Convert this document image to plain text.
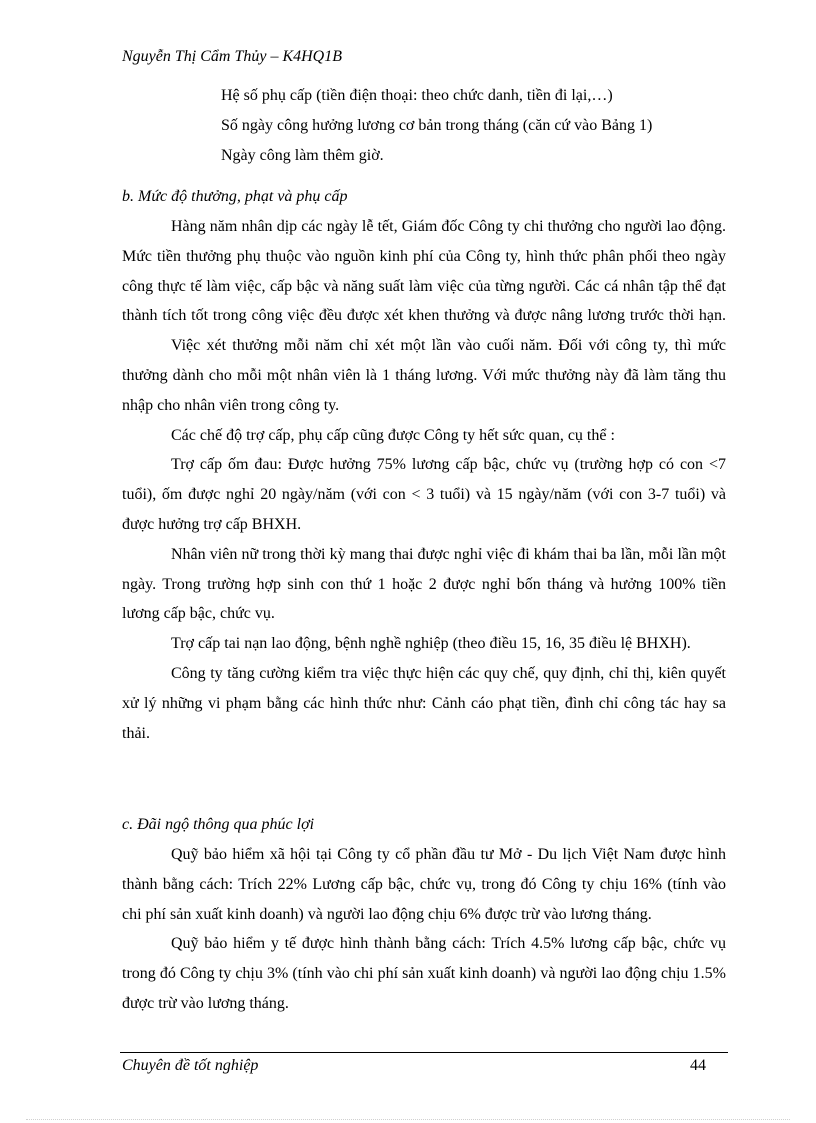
Nguyễn Thị Cẩm Thủy – K4HQ1B
Hệ số phụ cấp (tiền điện thoại: theo chức danh, tiền đi lại,…)
Số ngày công hưởng lương cơ bản trong tháng (căn cứ vào Bảng 1)
Ngày công làm thêm giờ.
b. Mức độ thưởng, phạt và phụ cấp

Hàng năm nhân dịp các ngày lễ tết, Giám đốc Công ty chi thưởng cho người lao động. Mức tiền thưởng phụ thuộc vào nguồn kinh phí của Công ty, hình thức phân phối theo ngày công thực tế làm việc, cấp bậc và năng suất làm việc của từng người. Các cá nhân tập thể đạt thành tích tốt trong công việc đều được xét khen thưởng và được nâng lương trước thời hạn.

Việc xét thưởng mỗi năm chỉ xét một lần vào cuối năm. Đối với công ty, thì mức thưởng dành cho mỗi một nhân viên là 1 tháng lương. Với mức thưởng này đã làm tăng thu nhập cho nhân viên trong công ty.

Các chế độ trợ cấp, phụ cấp cũng được Công ty hết sức quan, cụ thể :

Trợ cấp ốm đau: Được hưởng 75% lương cấp bậc, chức vụ (trường hợp có con <7 tuổi), ốm được nghỉ 20 ngày/năm (với con < 3 tuổi) và 15 ngày/năm (với con 3-7 tuổi) và được hưởng trợ cấp BHXH.

Nhân viên nữ trong thời kỳ mang thai được nghỉ việc đi khám thai ba lần, mỗi lần một ngày. Trong trường hợp sinh con thứ 1 hoặc 2 được nghỉ bốn tháng và hưởng 100% tiền lương cấp bậc, chức vụ.

Trợ cấp tai nạn lao động, bệnh nghề nghiệp (theo điều 15, 16, 35 điều lệ BHXH).

Công ty tăng cường kiểm tra việc thực hiện các quy chế, quy định, chỉ thị, kiên quyết xử lý những vi phạm bằng các hình thức như: Cảnh cáo phạt tiền, đình chỉ công tác hay sa thải.

c. Đãi ngộ thông qua phúc lợi

Quỹ bảo hiểm xã hội tại Công ty cổ phần đầu tư Mở - Du lịch Việt Nam được hình thành bằng cách: Trích 22% Lương cấp bậc, chức vụ, trong đó Công ty chịu 16% (tính vào chi phí sản xuất kinh doanh) và người lao động chịu 6% được trừ vào lương tháng.

Quỹ bảo hiểm y tế được hình thành bằng cách: Trích 4.5% lương cấp bậc, chức vụ trong đó Công ty chịu 3% (tính vào chi phí sản xuất kinh doanh) và người lao động chịu 1.5% được trừ vào lương tháng.

Chuyên đề tốt nghiệp	44
